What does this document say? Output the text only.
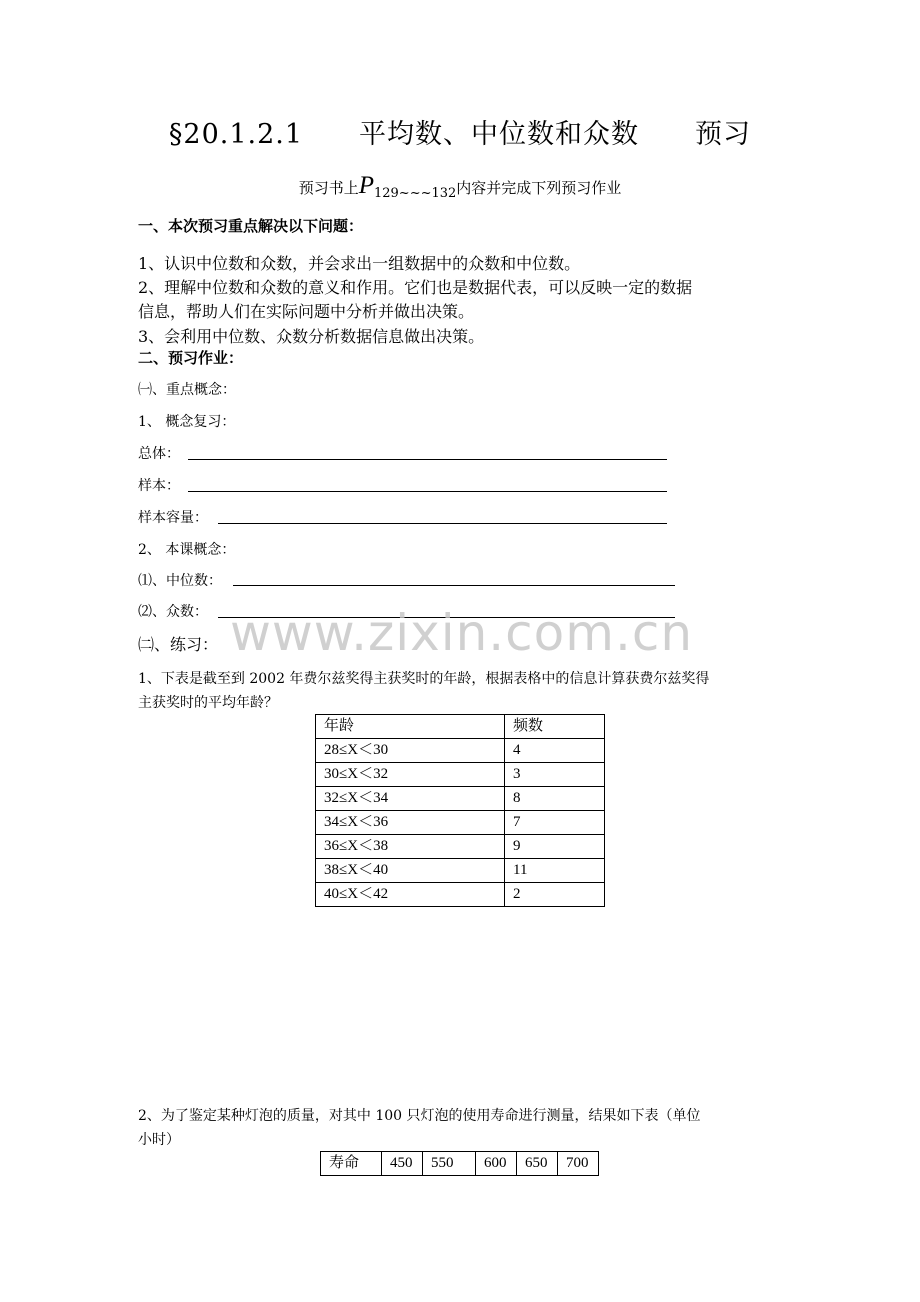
§20.1.2.1　　平均数、中位数和众数　　预习
预习书上P129~~~132内容并完成下列预习作业
一、本次预习重点解决以下问题：
1、认识中位数和众数，并会求出一组数据中的众数和中位数。
2、理解中位数和众数的意义和作用。它们也是数据代表，可以反映一定的数据
信息，帮助人们在实际问题中分析并做出决策。
3、会利用中位数、众数分析数据信息做出决策。
二、预习作业：
㈠、重点概念：
1、 概念复习：
总体：
样本：
样本容量：
2、 本课概念：
⑴、中位数：
⑵、众数： www.zixin.com.cn
㈡、练习：
1、下表是截至到 2002 年费尔兹奖得主获奖时的年龄，根据表格中的信息计算获费尔兹奖得
主获奖时的平均年龄？
年龄	频数
28≤X＜30	4
30≤X＜32	3
32≤X＜34	8
34≤X＜36	7
36≤X＜38	9
38≤X＜40	11
40≤X＜42	2
2、为了鉴定某种灯泡的质量，对其中 100 只灯泡的使用寿命进行测量，结果如下表（单位
小时）
寿命	450	550	600	650	700
